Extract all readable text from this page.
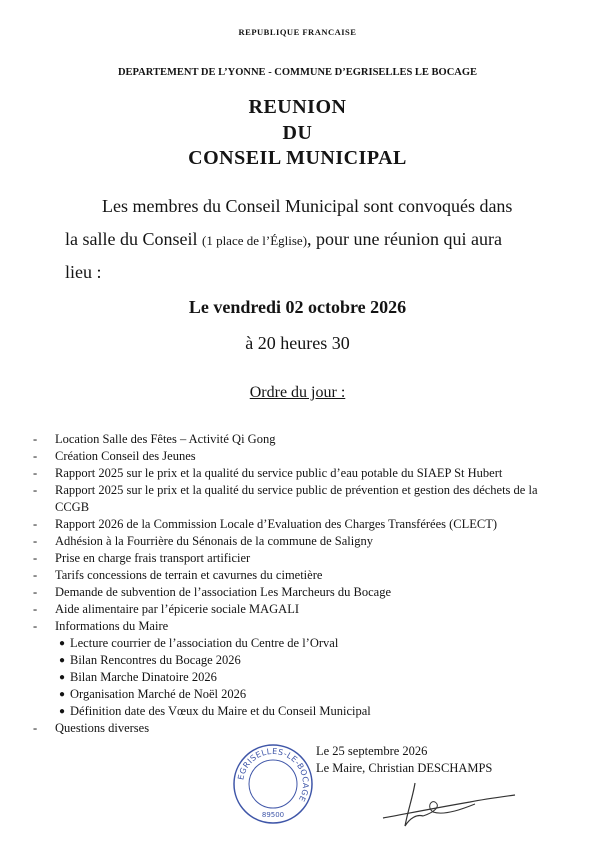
REPUBLIQUE FRANCAISE
DEPARTEMENT DE L’YONNE - COMMUNE D’EGRISELLES LE BOCAGE
REUNION
DU
CONSEIL MUNICIPAL
Les membres du Conseil Municipal sont convoqués dans
la salle du Conseil (1 place de l’Église), pour une réunion qui aura
lieu :
Le vendredi 02 octobre 2026
à 20 heures 30
Ordre du jour :
-	Location Salle des Fêtes – Activité Qi Gong
-	Création Conseil des Jeunes
-	Rapport 2025 sur le prix et la qualité du service public d’eau potable du SIAEP St Hubert
-	Rapport 2025 sur le prix et la qualité du service public de prévention et gestion des déchets de la CCGB
-	Rapport 2026 de la Commission Locale d’Evaluation des Charges Transférées (CLECT)
-	Adhésion à la Fourrière du Sénonais de la commune de Saligny
-	Prise en charge frais transport artificier
-	Tarifs concessions de terrain et cavurnes du cimetière
-	Demande de subvention de l’association Les Marcheurs du Bocage
-	Aide alimentaire par l’épicerie sociale MAGALI
-	Informations du Maire
● Lecture courrier de l’association du Centre de l’Orval
● Bilan Rencontres du Bocage 2026
● Bilan Marche Dinatoire 2026
● Organisation Marché de Noël 2026
● Définition date des Vœux du Maire et du Conseil Municipal
-	Questions diverses
EGRISELLES-LE-BOCAGE
89500
Le 25 septembre 2026
Le Maire, Christian DESCHAMPS
